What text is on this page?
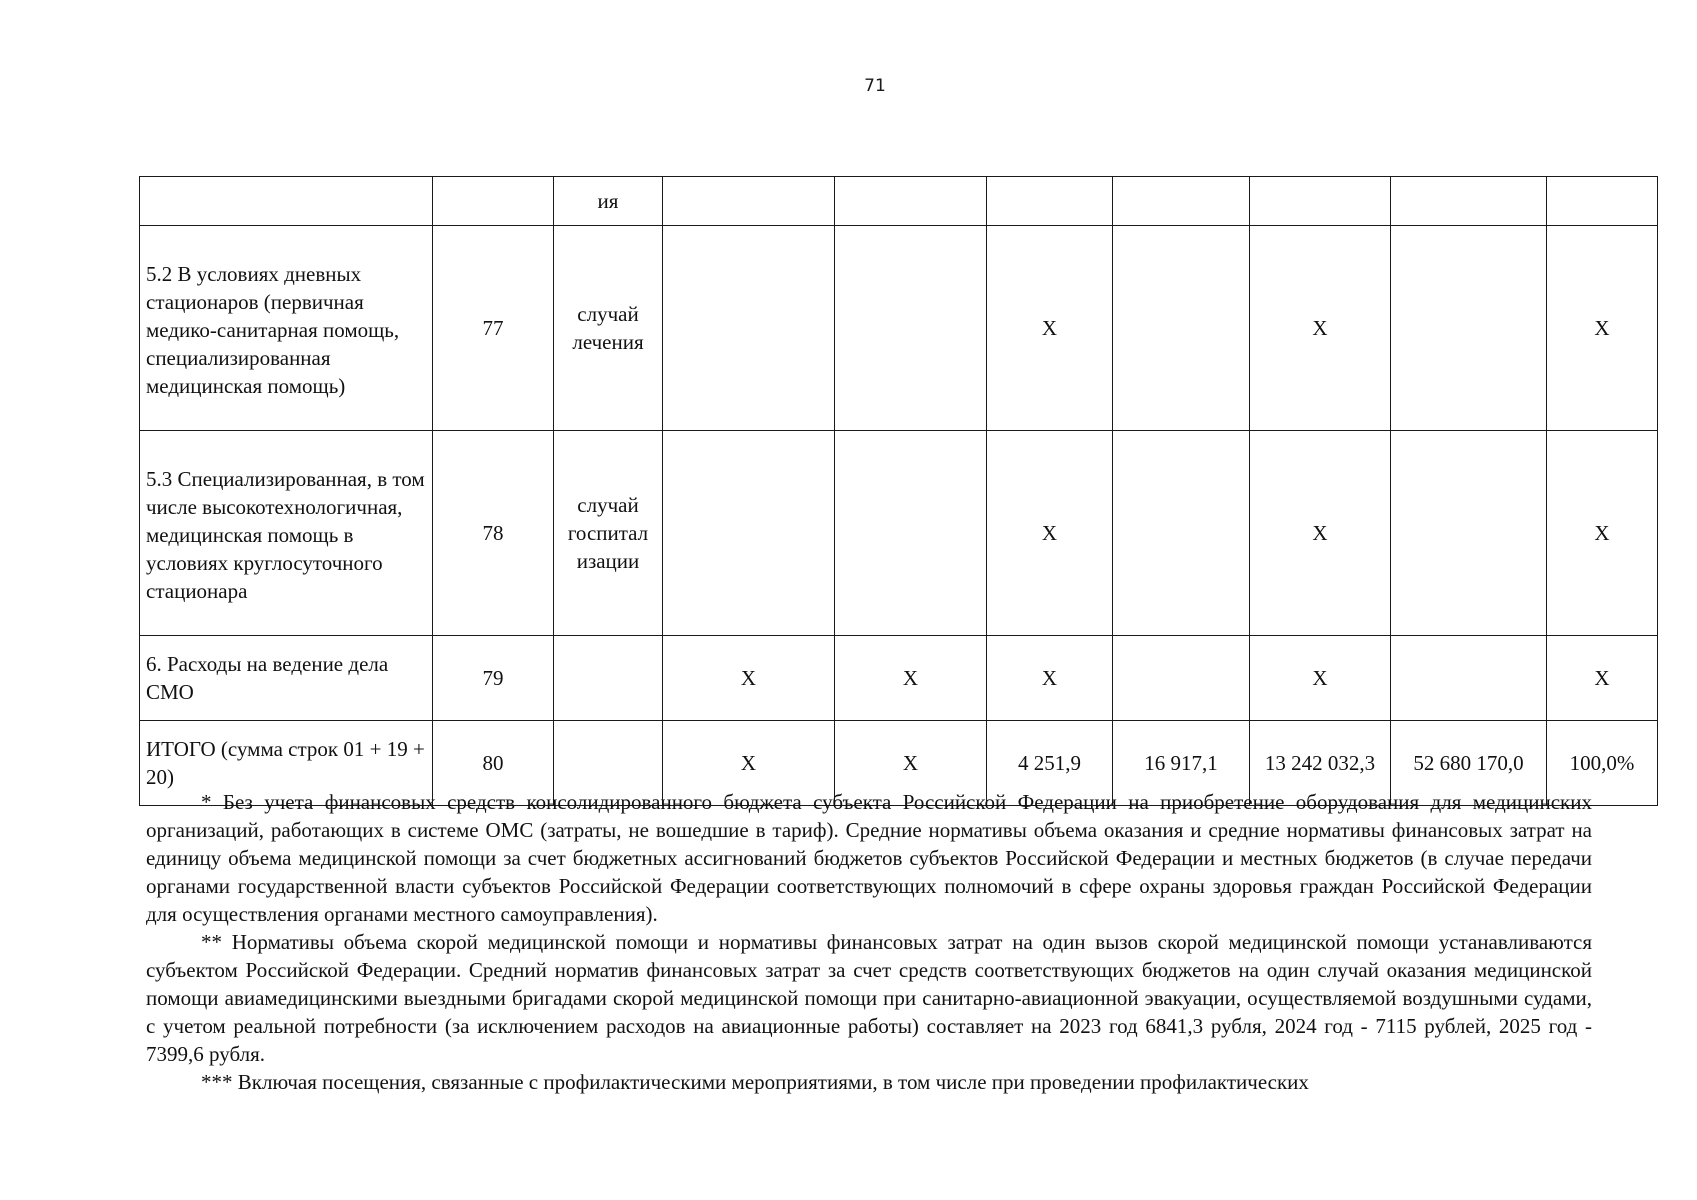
71
		ия							
5.2 В условиях дневных стационаров (первичная медико-санитарная помощь, специализированная медицинская помощь)	77	случай лечения			Х		Х		Х
5.3 Специализированная, в том числе высокотехнологичная, медицинская помощь в условиях круглосуточного стационара	78	случай госпитал изации			Х		Х		Х
6. Расходы на ведение дела СМО	79		Х	Х	Х		Х		Х
ИТОГО (сумма строк 01 + 19 + 20)	80		Х	Х	4 251,9	16 917,1	13 242 032,3	52 680 170,0	100,0%

* Без учета финансовых средств консолидированного бюджета субъекта Российской Федерации на приобретение оборудования для медицинских организаций, работающих в системе ОМС (затраты, не вошедшие в тариф). Средние нормативы объема оказания и средние нормативы финансовых затрат на единицу объема медицинской помощи за счет бюджетных ассигнований бюджетов субъектов Российской Федерации и местных бюджетов (в случае передачи органами государственной власти субъектов Российской Федерации соответствующих полномочий в сфере охраны здоровья граждан Российской Федерации для осуществления органами местного самоуправления).

** Нормативы объема скорой медицинской помощи и нормативы финансовых затрат на один вызов скорой медицинской помощи устанавливаются субъектом Российской Федерации. Средний норматив финансовых затрат за счет средств соответствующих бюджетов на один случай оказания медицинской помощи авиамедицинскими выездными бригадами скорой медицинской помощи при санитарно-авиационной эвакуации, осуществляемой воздушными судами, с учетом реальной потребности (за исключением расходов на авиационные работы) составляет на 2023 год 6841,3 рубля, 2024 год - 7115 рублей, 2025 год - 7399,6 рубля.

*** Включая посещения, связанные с профилактическими мероприятиями, в том числе при проведении профилактических
